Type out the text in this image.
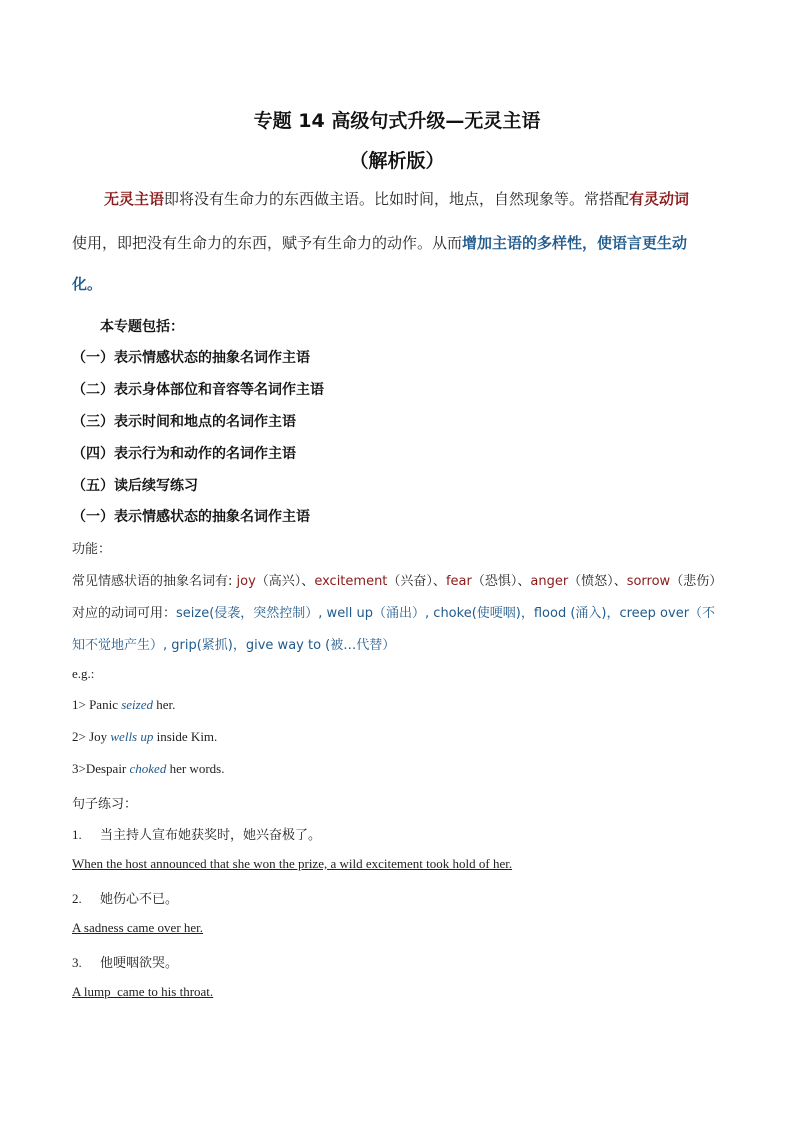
专题 14 高级句式升级—无灵主语
（解析版）
无灵主语即将没有生命力的东西做主语。比如时间，地点，自然现象等。常搭配有灵动词
使用，即把没有生命力的东西，赋予有生命力的动作。从而增加主语的多样性，使语言更生动
化。
本专题包括：
（一）表示情感状态的抽象名词作主语
（二）表示身体部位和音容等名词作主语
（三）表示时间和地点的名词作主语
（四）表示行为和动作的名词作主语
（五）读后续写练习
（一）表示情感状态的抽象名词作主语
功能：
常见情感状语的抽象名词有: joy（高兴）、excitement（兴奋）、fear（恐惧）、anger（愤怒）、sorrow（悲伤）
对应的动词可用：seize(侵袭，突然控制）, well up（涌出）, choke(使哽咽)，flood (涌入)，creep over（不
知不觉地产生）, grip(紧抓)，give way to (被…代替）
e.g.:
1> Panic seized her.
2> Joy wells up inside Kim.
3>Despair choked her words.
句子练习：
1. 当主持人宣布她获奖时，她兴奋极了。
When the host announced that she won the prize, a wild excitement took hold of her.
2. 她伤心不已。
A sadness came over her.
3. 他哽咽欲哭。
A lump  came to his throat.
